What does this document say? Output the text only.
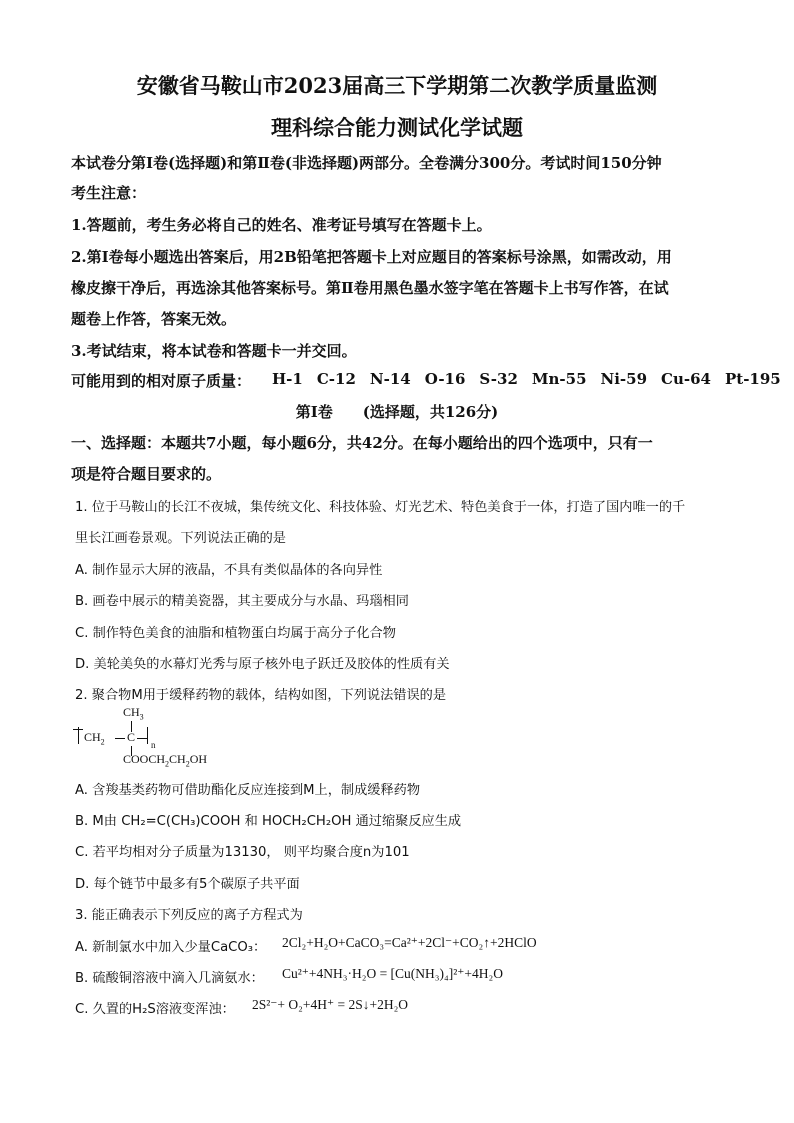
安徽省马鞍山市2023届高三下学期第二次教学质量监测
理科综合能力测试化学试题
本试卷分第Ⅰ卷(选择题)和第Ⅱ卷(非选择题)两部分。全卷满分300分。考试时间150分钟
考生注意：
1.答题前，考生务必将自己的姓名、准考证号填写在答题卡上。
2.第Ⅰ卷每小题选出答案后，用2B铅笔把答题卡上对应题目的答案标号涂黑，如需改动，用
橡皮擦干净后，再选涂其他答案标号。第Ⅱ卷用黑色墨水签字笔在答题卡上书写作答，在试
题卷上作答，答案无效。
3.考试结束，将本试卷和答题卡一并交回。
可能用到的相对原子质量： H-1 C-12 N-14 O-16 S-32 Mn-55 Ni-59 Cu-64 Pt-195
第Ⅰ卷　　(选择题，共126分)
一、选择题：本题共7小题，每小题6分，共42分。在每小题给出的四个选项中，只有一
项是符合题目要求的。
1. 位于马鞍山的长江不夜城，集传统文化、科技体验、灯光艺术、特色美食于一体，打造了国内唯一的千
里长江画卷景观。下列说法正确的是
A. 制作显示大屏的液晶，不具有类似晶体的各向异性
B. 画卷中展示的精美瓷器，其主要成分与水晶、玛瑙相同
C. 制作特色美食的油脂和植物蛋白均属于高分子化合物
D. 美轮美奂的水幕灯光秀与原子核外电子跃迁及胶体的性质有关
2. 聚合物M用于缓释药物的载体，结构如图，下列说法错误的是
$CH_3$
$CH_2$ C
n
$COOCH_2CH_2OH$
A. 含羧基类药物可借助酯化反应连接到M上，制成缓释药物
B. M由 CH₂=C(CH₃)COOH 和 HOCH₂CH₂OH 通过缩聚反应生成
C. 若平均相对分子质量为13130， 则平均聚合度n为101
D. 每个链节中最多有5个碳原子共平面
3. 能正确表示下列反应的离子方程式为
A. 新制氯水中加入少量CaCO₃： 2Cl₂+H₂O+CaCO₃=Ca²⁺+2Cl⁻+CO₂↑+2HClO
B. 硫酸铜溶液中滴入几滴氨水： Cu²⁺+4NH₃·H₂O = [Cu(NH₃)₄]²⁺+4H₂O
C. 久置的H₂S溶液变浑浊： 2S²⁻+ O₂+4H⁺ = 2S↓+2H₂O
